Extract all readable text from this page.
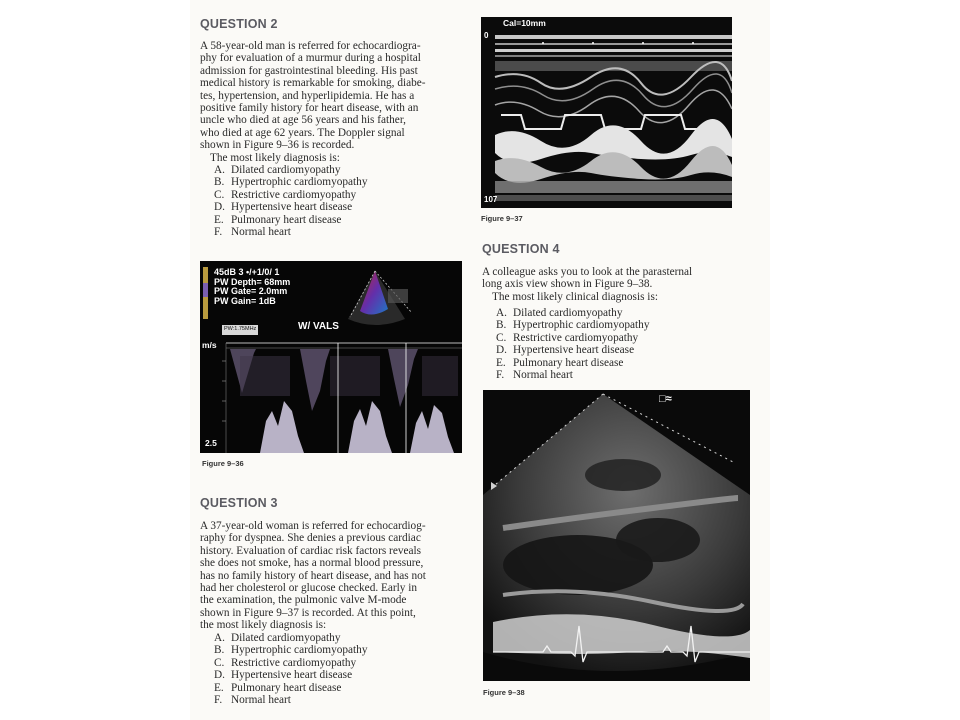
QUESTION 2

A 58-year-old man is referred for echocardiogra-

phy for evaluation of a murmur during a hospital

admission for gastrointestinal bleeding. His past

medical history is remarkable for smoking, diabe-

tes, hypertension, and hyperlipidemia. He has a

positive family history for heart disease, with an

uncle who died at age 56 years and his father,

who died at age 62 years. The Doppler signal

shown in Figure 9–36 is recorded.

The most likely diagnosis is:

A. Dilated cardiomyopathy
B. Hypertrophic cardiomyopathy
C. Restrictive cardiomyopathy
D. Hypertensive heart disease
E. Pulmonary heart disease
F. Normal heart
45dB 3 •/+1/0/ 1
PW Depth= 68mm
PW Gate= 2.0mm
PW Gain= 1dB
PW:1.75MHz	W/ VALS
m/s
2.5
Figure 9–36
QUESTION 3

A 37-year-old woman is referred for echocardiog-

raphy for dyspnea. She denies a previous cardiac

history. Evaluation of cardiac risk factors reveals

she does not smoke, has a normal blood pressure,

has no family history of heart disease, and has not

had her cholesterol or glucose checked. Early in

the examination, the pulmonic valve M-mode

shown in Figure 9–37 is recorded. At this point,

the most likely diagnosis is:

A. Dilated cardiomyopathy
B. Hypertrophic cardiomyopathy
C. Restrictive cardiomyopathy
D. Hypertensive heart disease
E. Pulmonary heart disease
F. Normal heart
Cal=10mm
0
107
Figure 9–37
QUESTION 4

A colleague asks you to look at the parasternal

long axis view shown in Figure 9–38.

The most likely clinical diagnosis is:

A. Dilated cardiomyopathy
B. Hypertrophic cardiomyopathy
C. Restrictive cardiomyopathy
D. Hypertensive heart disease
E. Pulmonary heart disease
F. Normal heart
□≈
Figure 9–38
